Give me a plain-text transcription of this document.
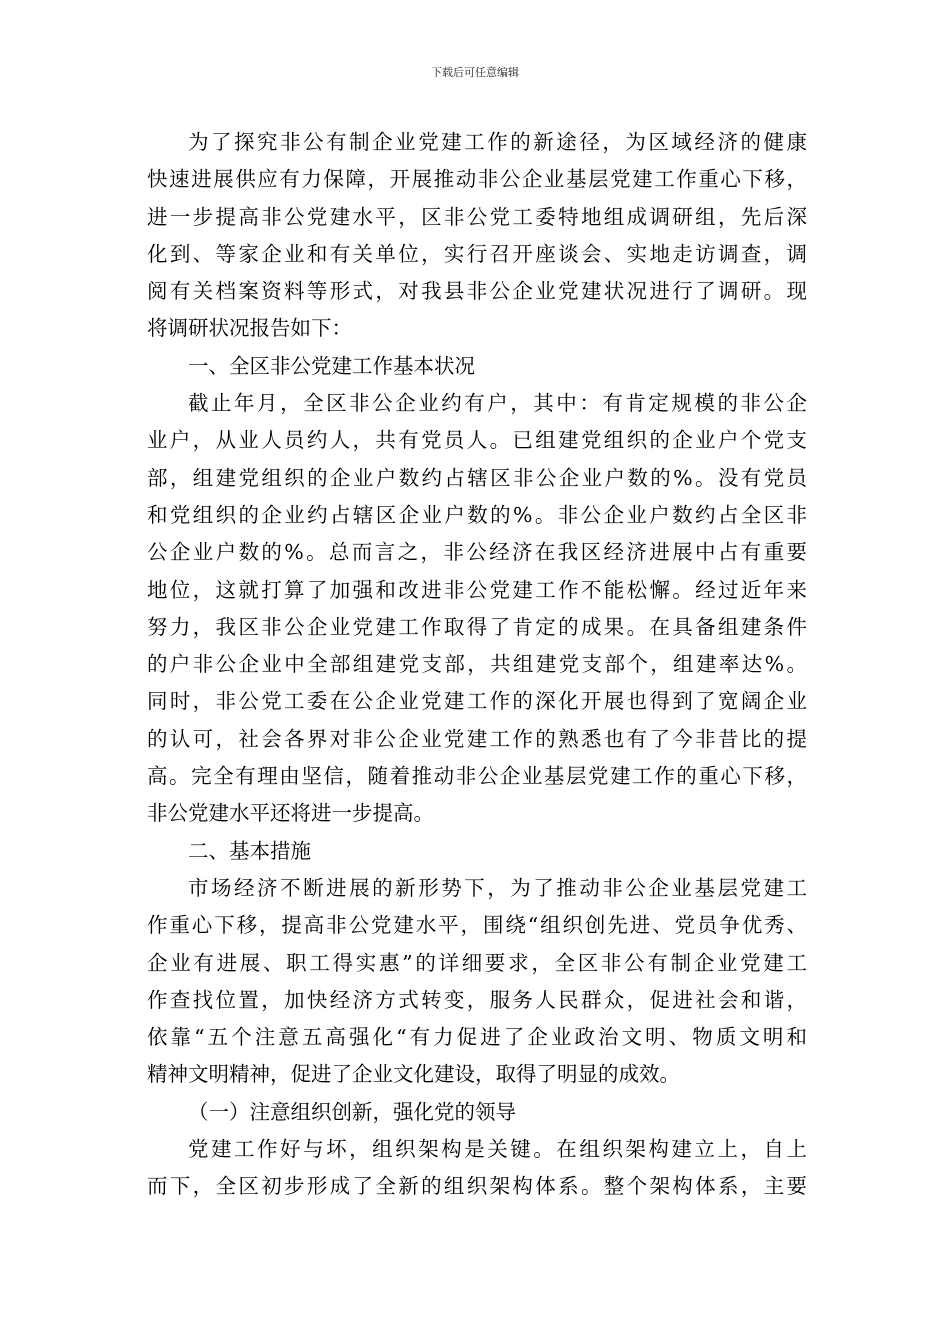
下载后可任意编辑
为了探究非公有制企业党建工作的新途径，为区域经济的健康
快速进展供应有力保障，开展推动非公企业基层党建工作重心下移，
进一步提高非公党建水平，区非公党工委特地组成调研组，先后深
化到、等家企业和有关单位，实行召开座谈会、实地走访调查，调
阅有关档案资料等形式，对我县非公企业党建状况进行了调研。现
将调研状况报告如下：
一、全区非公党建工作基本状况
截止年月，全区非公企业约有户，其中：有肯定规模的非公企
业户，从业人员约人，共有党员人。已组建党组织的企业户个党支
部，组建党组织的企业户数约占辖区非公企业户数的%。没有党员
和党组织的企业约占辖区企业户数的%。非公企业户数约占全区非
公企业户数的%。总而言之，非公经济在我区经济进展中占有重要
地位，这就打算了加强和改进非公党建工作不能松懈。经过近年来
努力，我区非公企业党建工作取得了肯定的成果。在具备组建条件
的户非公企业中全部组建党支部，共组建党支部个，组建率达%。
同时，非公党工委在公企业党建工作的深化开展也得到了宽阔企业
的认可，社会各界对非公企业党建工作的熟悉也有了今非昔比的提
高。完全有理由坚信，随着推动非公企业基层党建工作的重心下移，
非公党建水平还将进一步提高。
二、基本措施
市场经济不断进展的新形势下，为了推动非公企业基层党建工
作重心下移，提高非公党建水平，围绕“组织创先进、党员争优秀、
企业有进展、职工得实惠”的详细要求，全区非公有制企业党建工
作查找位置，加快经济方式转变，服务人民群众，促进社会和谐，
依靠“五个注意五高强化“有力促进了企业政治文明、物质文明和
精神文明精神，促进了企业文化建设，取得了明显的成效。
（一）注意组织创新，强化党的领导
党建工作好与坏，组织架构是关键。在组织架构建立上，自上
而下，全区初步形成了全新的组织架构体系。整个架构体系，主要
